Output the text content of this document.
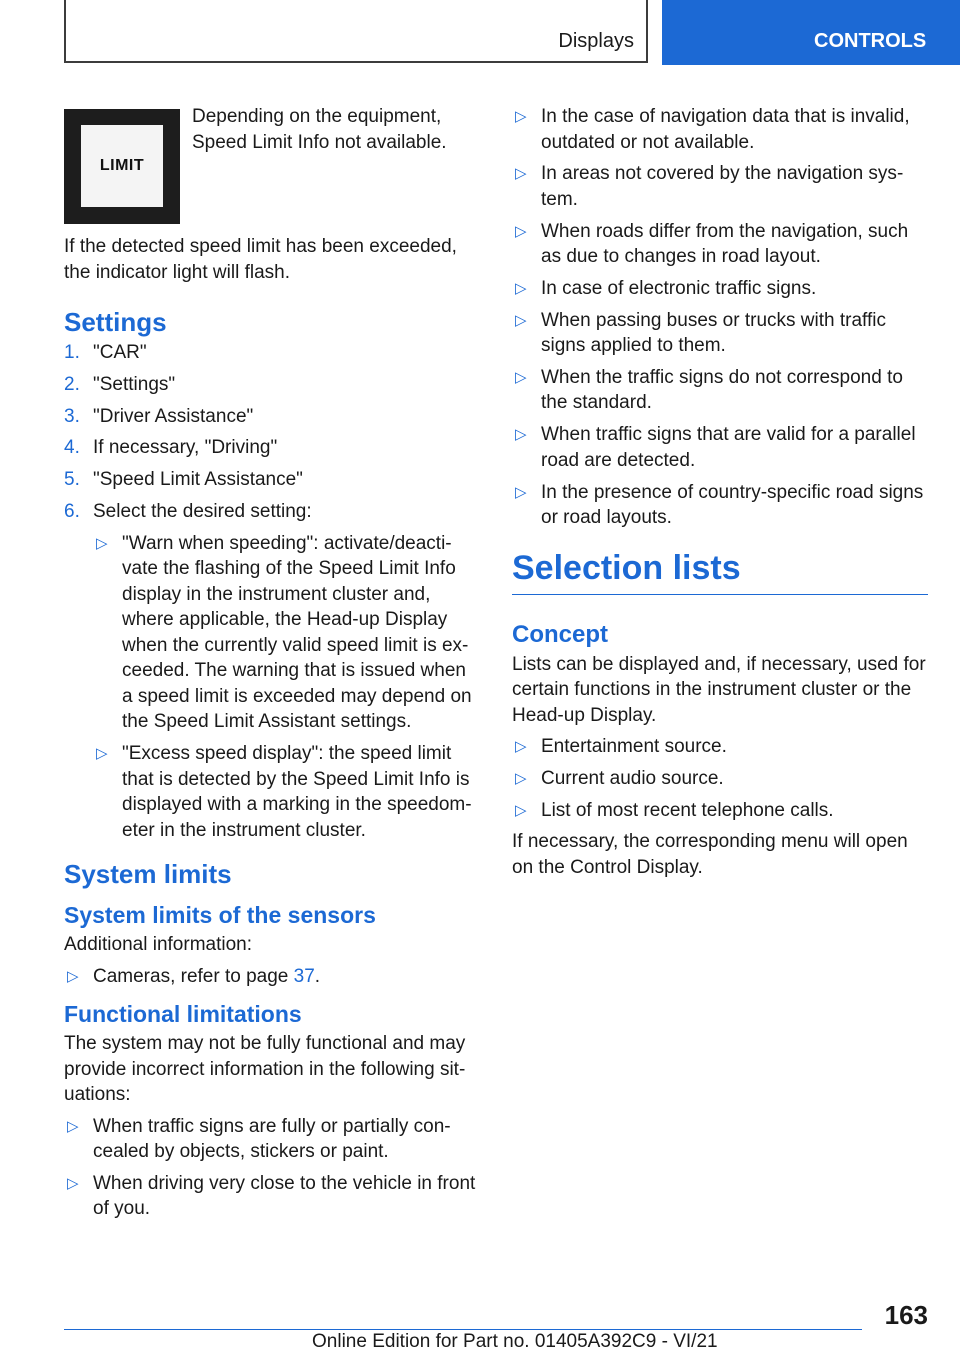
Displays	CONTROLS
LIMIT

Depending on the equipment, Speed Limit Info not available.

If the detected speed limit has been exceeded, the indicator light will flash.

Settings
1. "CAR"
2. "Settings"
3. "Driver Assistance"
4. If necessary, "Driving"
5. "Speed Limit Assistance"
6. Select the desired setting:
▷ "Warn when speeding": activate/deactivate the flashing of the Speed Limit Info display in the instrument cluster and, where applicable, the Head-up Display when the currently valid speed limit is exceeded. The warning that is issued when a speed limit is exceeded may depend on the Speed Limit Assistant settings.
▷ "Excess speed display": the speed limit that is detected by the Speed Limit Info is displayed with a marking in the speedometer in the instrument cluster.
System limits
System limits of the sensors

Additional information:

▷ Cameras, refer to page 37.
Functional limitations

The system may not be fully functional and may provide incorrect information in the following situations:

▷ When traffic signs are fully or partially concealed by objects, stickers or paint.
▷ When driving very close to the vehicle in front of you.
▷ In the case of navigation data that is invalid, outdated or not available.
▷ In areas not covered by the navigation system.
▷ When roads differ from the navigation, such as due to changes in road layout.
▷ In case of electronic traffic signs.
▷ When passing buses or trucks with traffic signs applied to them.
▷ When the traffic signs do not correspond to the standard.
▷ When traffic signs that are valid for a parallel road are detected.
▷ In the presence of country-specific road signs or road layouts.
Selection lists
Concept

Lists can be displayed and, if necessary, used for certain functions in the instrument cluster or the Head-up Display.

▷ Entertainment source.
▷ Current audio source.
▷ List of most recent telephone calls.

If necessary, the corresponding menu will open on the Control Display.

163
Online Edition for Part no. 01405A392C9 - VI/21
